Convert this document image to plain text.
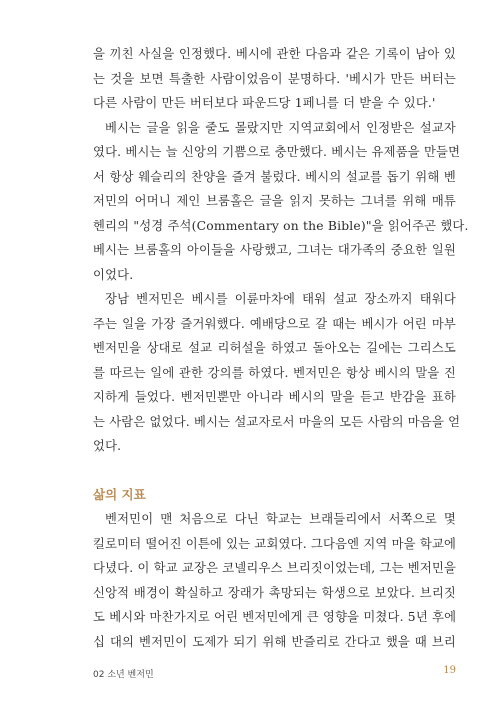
을 끼친 사실을 인정했다. 베시에 관한 다음과 같은 기록이 남아 있
는 것을 보면 특출한 사람이었음이 분명하다. '베시가 만든 버터는
다른 사람이 만든 버터보다 파운드당 1페니를 더 받을 수 있다.'
베시는 글을 읽을 줄도 몰랐지만 지역교회에서 인정받은 설교자
였다. 베시는 늘 신앙의 기쁨으로 충만했다. 베시는 유제품을 만들면
서 항상 웨슬리의 찬양을 즐겨 불렀다. 베시의 설교를 돕기 위해 벤
저민의 어머니 제인 브룸홀은 글을 읽지 못하는 그녀를 위해 매튜
헨리의 "성경 주석(Commentary on the Bible)"을 읽어주곤 했다.
베시는 브룸홀의 아이들을 사랑했고, 그녀는 대가족의 중요한 일원
이었다.
장남 벤저민은 베시를 이륜마차에 태워 설교 장소까지 태워다
주는 일을 가장 즐거워했다. 예배당으로 갈 때는 베시가 어린 마부
벤저민을 상대로 설교 리허설을 하였고 돌아오는 길에는 그리스도
를 따르는 일에 관한 강의를 하였다. 벤저민은 항상 베시의 말을 진
지하게 들었다. 벤저민뿐만 아니라 베시의 말을 듣고 반감을 표하
는 사람은 없었다. 베시는 설교자로서 마을의 모든 사람의 마음을 얻
었다.
삶의 지표
벤저민이 맨 처음으로 다닌 학교는 브래들리에서 서쪽으로 몇
킬로미터 떨어진 이튼에 있는 교회였다. 그다음엔 지역 마을 학교에
다녔다. 이 학교 교장은 코넬리우스 브리짓이었는데, 그는 벤저민을
신앙적 배경이 확실하고 장래가 촉망되는 학생으로 보았다. 브리짓
도 베시와 마찬가지로 어린 벤저민에게 큰 영향을 미쳤다. 5년 후에
십 대의 벤저민이 도제가 되기 위해 반즐리로 간다고 했을 때 브리
02 소년 벤저민	19
